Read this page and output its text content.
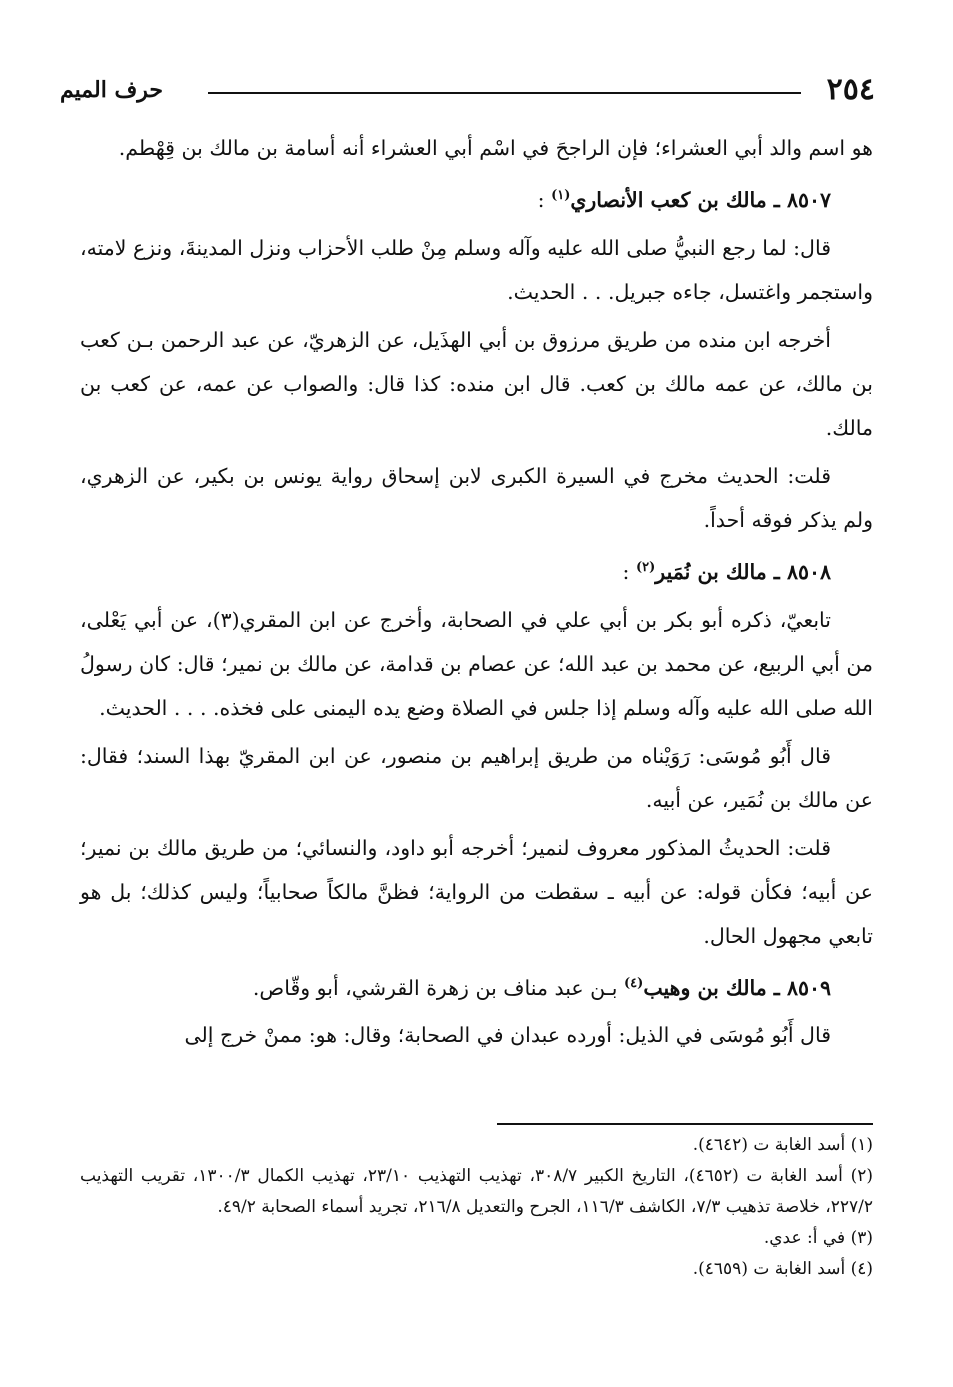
٢٥٤
حرف الميم

هو اسم والد أبي العشراء؛ فإن الراجحَ في اسْم أبي العشراء أنه أسامة بن مالك بن قِهْطم.

٨٥٠٧ ـ مالك بن كعب الأنصاري$^{(١)}$ :

قال: لما رجع النبيُّ صلى الله عليه وآله وسلم مِنْ طلب الأحزاب ونزل المدينةَ، ونزع لامته، واستجمر واغتسل، جاءه جبريل. . . الحديث.

أخرجه ابن منده من طريق مرزوق بن أبي الهذَيل، عن الزهريّ، عن عبد الرحمن بـن كعب بن مالك، عن عمه مالك بن كعب. قال ابن منده: كذا قال: والصواب عن عمه، عن كعب بن مالك.

قلت: الحديث مخرج في السيرة الكبرى لابن إسحاق رواية يونس بن بكير، عن الزهري، ولم يذكر فوقه أحداً.

٨٥٠٨ ـ مالك بن نُمَير$^{(٢)}$ :

تابعيّ، ذكره أبو بكر بن أبي علي في الصحابة، وأخرج عن ابن المقري(٣)، عن أبي يَعْلى، من أبي الربيع، عن محمد بن عبد الله؛ عن عصام بن قدامة، عن مالك بن نمير؛ قال: كان رسولُ الله صلى الله عليه وآله وسلم إذا جلس في الصلاة وضع يده اليمنى على فخذه. . . . الحديث.

قال أَبُو مُوسَى: رَوَيْناه من طريق إبراهيم بن منصور، عن ابن المقريّ بهذا السند؛ فقال: عن مالك بن نُمَير، عن أبيه.

قلت: الحديثُ المذكور معروف لنمير؛ أخرجه أبو داود، والنسائي؛ من طريق مالك بن نمير؛ عن أبيه؛ فكأن قوله: عن أبيه ـ سقطت من الرواية؛ فظنَّ مالكاً صحابياً؛ وليس كذلك؛ بل هو تابعي مجهول الحال.

٨٥٠٩ ـ مالك بن وهيب$^{(٤)}$ بـن عبد مناف بن زهرة القرشي، أبو وقّاص.

قال أَبُو مُوسَى في الذيل: أورده عبدان في الصحابة؛ وقال: هو: ممنْ خرج إلى

(١) أسد الغابة ت (٤٦٤٢).

(٢) أسد الغابة ت (٤٦٥٢)، التاريخ الكبير ٣٠٨/٧، تهذيب التهذيب ٢٣/١٠، تهذيب الكمال ١٣٠٠/٣، تقريب التهذيب ٢٢٧/٢، خلاصة تذهيب ٧/٣، الكاشف ١١٦/٣، الجرح والتعديل ٢١٦/٨، تجريد أسماء الصحابة ٤٩/٢.

(٣) في أ: عدي.

(٤) أسد الغابة ت (٤٦٥٩).
